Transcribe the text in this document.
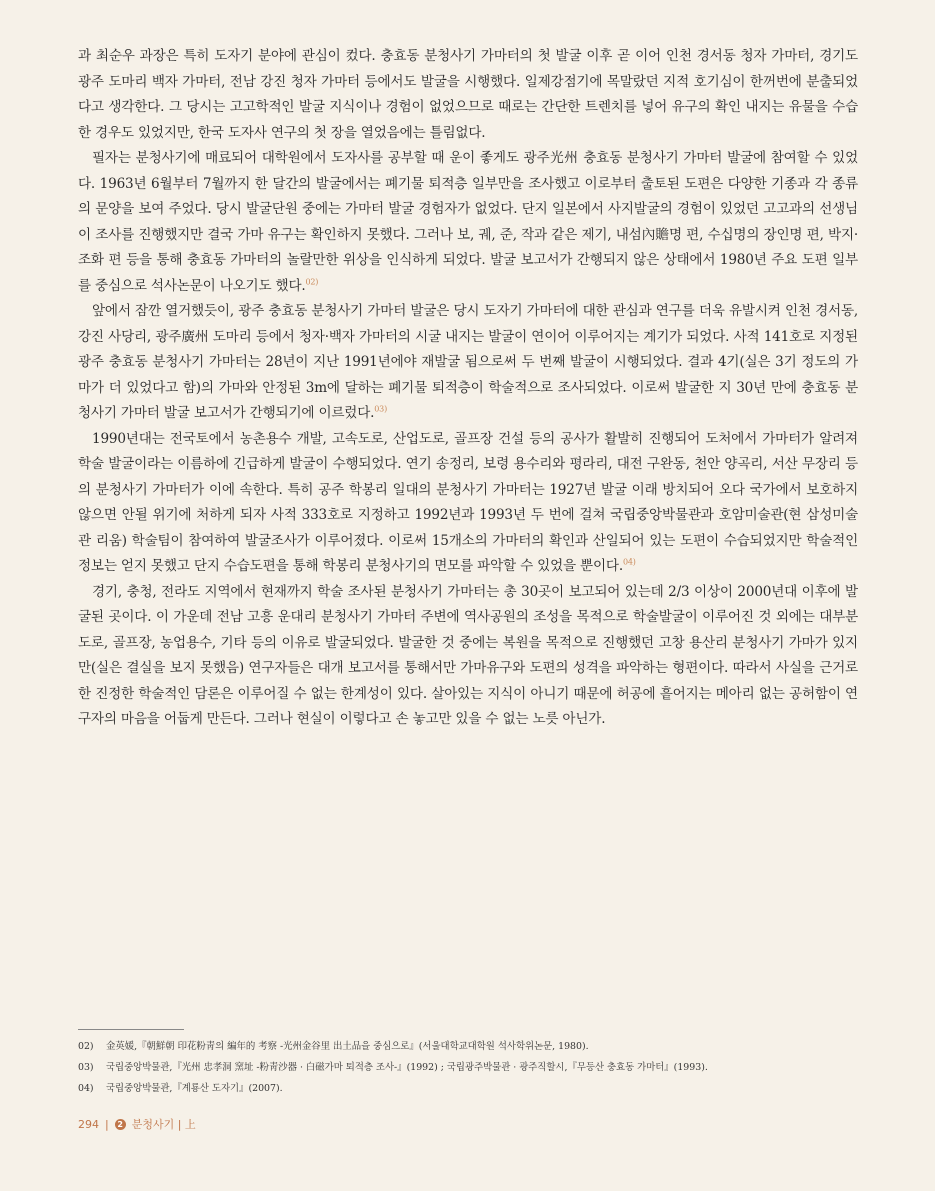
과 최순우 과장은 특히 도자기 분야에 관심이 컸다. 충효동 분청사기 가마터의 첫 발굴 이후 곧 이어 인천 경서동 청자 가마터, 경기도 광주 도마리 백자 가마터, 전남 강진 청자 가마터 등에서도 발굴을 시행했다. 일제강점기에 목말랐던 지적 호기심이 한꺼번에 분출되었다고 생각한다. 그 당시는 고고학적인 발굴 지식이나 경험이 없었으므로 때로는 간단한 트렌치를 넣어 유구의 확인 내지는 유물을 수습한 경우도 있었지만, 한국 도자사 연구의 첫 장을 열었음에는 틀림없다.

필자는 분청사기에 매료되어 대학원에서 도자사를 공부할 때 운이 좋게도 광주光州 충효동 분청사기 가마터 발굴에 참여할 수 있었다. 1963년 6월부터 7월까지 한 달간의 발굴에서는 폐기물 퇴적층 일부만을 조사했고 이로부터 출토된 도편은 다양한 기종과 각 종류의 문양을 보여 주었다. 당시 발굴단원 중에는 가마터 발굴 경험자가 없었다. 단지 일본에서 사지발굴의 경험이 있었던 고고과의 선생님이 조사를 진행했지만 결국 가마 유구는 확인하지 못했다. 그러나 보, 궤, 준, 작과 같은 제기, 내섬內贍명 편, 수십명의 장인명 편, 박지·조화 편 등을 통해 충효동 가마터의 놀랄만한 위상을 인식하게 되었다. 발굴 보고서가 간행되지 않은 상태에서 1980년 주요 도편 일부를 중심으로 석사논문이 나오기도 했다.$^{02)}$

앞에서 잠깐 열거했듯이, 광주 충효동 분청사기 가마터 발굴은 당시 도자기 가마터에 대한 관심과 연구를 더욱 유발시켜 인천 경서동, 강진 사당리, 광주廣州 도마리 등에서 청자·백자 가마터의 시굴 내지는 발굴이 연이어 이루어지는 계기가 되었다. 사적 141호로 지정된 광주 충효동 분청사기 가마터는 28년이 지난 1991년에야 재발굴 됨으로써 두 번째 발굴이 시행되었다. 결과 4기(실은 3기 정도의 가마가 더 있었다고 함)의 가마와 안정된 3m에 달하는 폐기물 퇴적층이 학술적으로 조사되었다. 이로써 발굴한 지 30년 만에 충효동 분청사기 가마터 발굴 보고서가 간행되기에 이르렀다.$^{03)}$

1990년대는 전국토에서 농촌용수 개발, 고속도로, 산업도로, 골프장 건설 등의 공사가 활발히 진행되어 도처에서 가마터가 알려져 학술 발굴이라는 이름하에 긴급하게 발굴이 수행되었다. 연기 송정리, 보령 용수리와 평라리, 대전 구완동, 천안 양곡리, 서산 무장리 등의 분청사기 가마터가 이에 속한다. 특히 공주 학봉리 일대의 분청사기 가마터는 1927년 발굴 이래 방치되어 오다 국가에서 보호하지 않으면 안될 위기에 처하게 되자 사적 333호로 지정하고 1992년과 1993년 두 번에 걸쳐 국립중앙박물관과 호암미술관(현 삼성미술관 리움) 학술팀이 참여하여 발굴조사가 이루어졌다. 이로써 15개소의 가마터의 확인과 산일되어 있는 도편이 수습되었지만 학술적인 정보는 얻지 못했고 단지 수습도편을 통해 학봉리 분청사기의 면모를 파악할 수 있었을 뿐이다.$^{04)}$

경기, 충청, 전라도 지역에서 현재까지 학술 조사된 분청사기 가마터는 총 30곳이 보고되어 있는데 2/3 이상이 2000년대 이후에 발굴된 곳이다. 이 가운데 전남 고흥 운대리 분청사기 가마터 주변에 역사공원의 조성을 목적으로 학술발굴이 이루어진 것 외에는 대부분 도로, 골프장, 농업용수, 기타 등의 이유로 발굴되었다. 발굴한 것 중에는 복원을 목적으로 진행했던 고창 용산리 분청사기 가마가 있지만(실은 결실을 보지 못했음) 연구자들은 대개 보고서를 통해서만 가마유구와 도편의 성격을 파악하는 형편이다. 따라서 사실을 근거로 한 진정한 학술적인 담론은 이루어질 수 없는 한계성이 있다. 살아있는 지식이 아니기 때문에 허공에 흩어지는 메아리 없는 공허함이 연구자의 마음을 어둡게 만든다. 그러나 현실이 이렇다고 손 놓고만 있을 수 없는 노릇 아닌가.

02)	金英媛,『朝鮮朝 印花粉靑의 編年的 考察 -光州金谷里 出土品을 중심으로』(서울대학교대학원 석사학위논문, 1980).
03)	국립중앙박물관,『光州 忠孝洞 窯址 -粉靑沙器 · 白磁가마 퇴적층 조사-』(1992) ; 국립광주박물관 · 광주직할시,『무등산 충효동 가마터』(1993).
04)	국립중앙박물관,『계룡산 도자기』(2007).
294 |	2 분청사기 | 上
